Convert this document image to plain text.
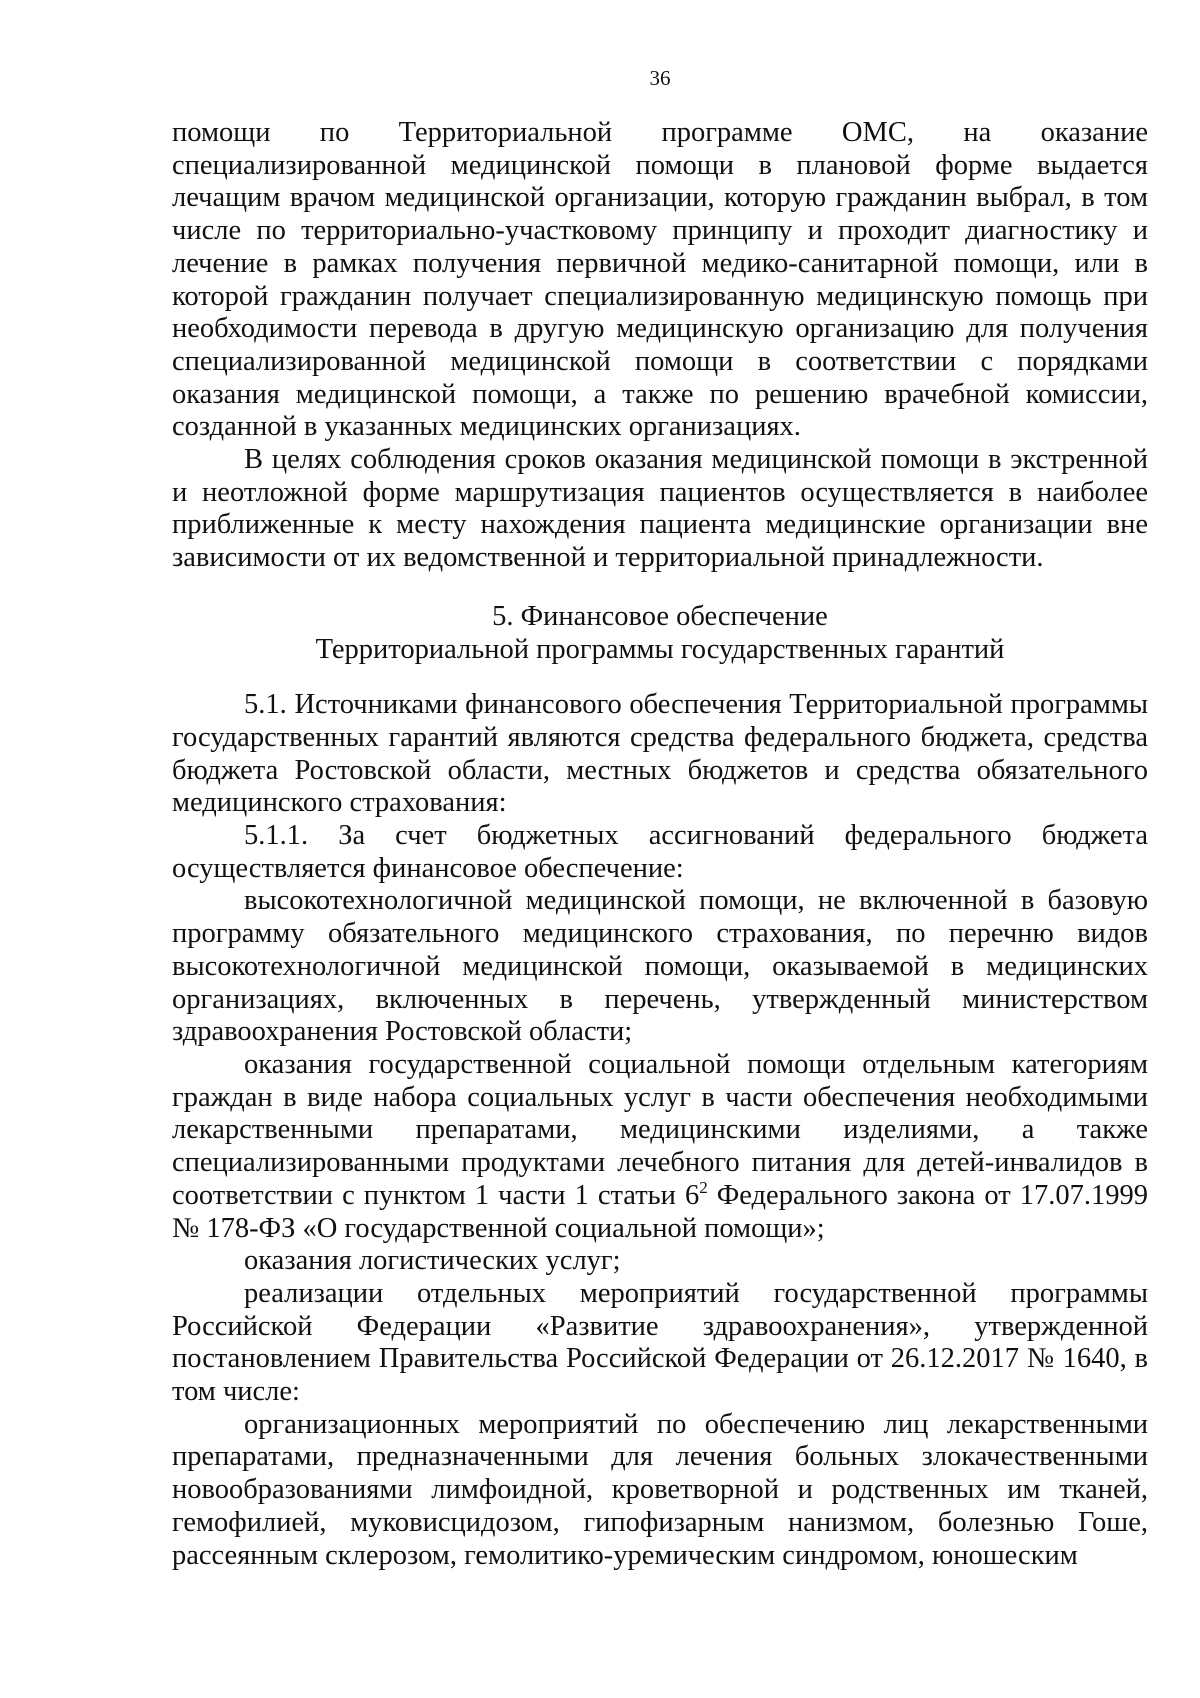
36

помощи по Территориальной программе ОМС, на оказание специализированной медицинской помощи в плановой форме выдается лечащим врачом медицинской организации, которую гражданин выбрал, в том числе по территориально-участковому принципу и проходит диагностику и лечение в рамках получения первичной медико-санитарной помощи, или в которой гражданин получает специализированную медицинскую помощь при необходимости перевода в другую медицинскую организацию для получения специализированной медицинской помощи в соответствии с порядками оказания медицинской помощи, а также по решению врачебной комиссии, созданной в указанных медицинских организациях.

В целях соблюдения сроков оказания медицинской помощи в экстренной и неотложной форме маршрутизация пациентов осуществляется в наиболее приближенные к месту нахождения пациента медицинские организации вне зависимости от их ведомственной и территориальной принадлежности.

5. Финансовое обеспечение
Территориальной программы государственных гарантий

5.1. Источниками финансового обеспечения Территориальной программы государственных гарантий являются средства федерального бюджета, средства бюджета Ростовской области, местных бюджетов и средства обязательного медицинского страхования:

5.1.1. За счет бюджетных ассигнований федерального бюджета осуществляется финансовое обеспечение:

высокотехнологичной медицинской помощи, не включенной в базовую программу обязательного медицинского страхования, по перечню видов высокотехнологичной медицинской помощи, оказываемой в медицинских организациях, включенных в перечень, утвержденный министерством здравоохранения Ростовской области;

оказания государственной социальной помощи отдельным категориям граждан в виде набора социальных услуг в части обеспечения необходимыми лекарственными препаратами, медицинскими изделиями, а также специализированными продуктами лечебного питания для детей-инвалидов в соответствии с пунктом 1 части 1 статьи $6^2$ Федерального закона от 17.07.1999 № 178-ФЗ «О государственной социальной помощи»;

оказания логистических услуг;

реализации отдельных мероприятий государственной программы Российской Федерации «Развитие здравоохранения», утвержденной постановлением Правительства Российской Федерации от 26.12.2017 № 1640, в том числе:

организационных мероприятий по обеспечению лиц лекарственными препаратами, предназначенными для лечения больных злокачественными новообразованиями лимфоидной, кроветворной и родственных им тканей, гемофилией, муковисцидозом, гипофизарным нанизмом, болезнью Гоше, рассеянным склерозом, гемолитико-уремическим синдромом, юношеским
